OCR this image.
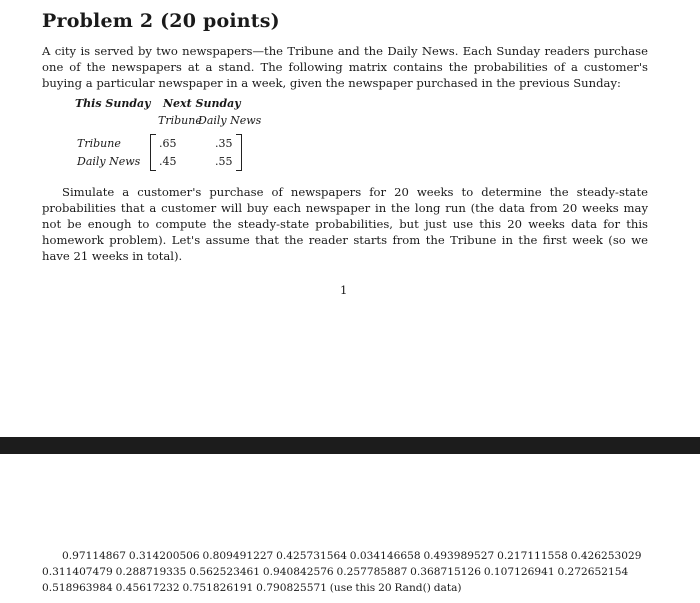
Problem 2 (20 points)

A city is served by two newspapers—the Tribune and the Daily News. Each Sunday readers purchase one of the newspapers at a stand. The following matrix contains the probabilities of a customer's buying a particular newspaper in a week, given the newspaper purchased in the previous Sunday:

This Sunday Next Sunday
Tribune
Daily News
Tribune
Daily News
.65	.35
.45	.55

Simulate a customer's purchase of newspapers for 20 weeks to determine the steady-state probabilities that a customer will buy each newspaper in the long run (the data from 20 weeks may not be enough to compute the steady-state probabilities, but just use this 20 weeks data for this homework problem). Let's assume that the reader starts from the Tribune in the first week (so we have 21 weeks in total).

1

0.97114867 0.314200506 0.809491227 0.425731564 0.034146658 0.493989527 0.217111558 0.426253029 0.311407479 0.288719335 0.562523461 0.940842576 0.257785887 0.368715126 0.107126941 0.272652154 0.518963984 0.45617232 0.751826191 0.790825571 (use this 20 Rand() data)
